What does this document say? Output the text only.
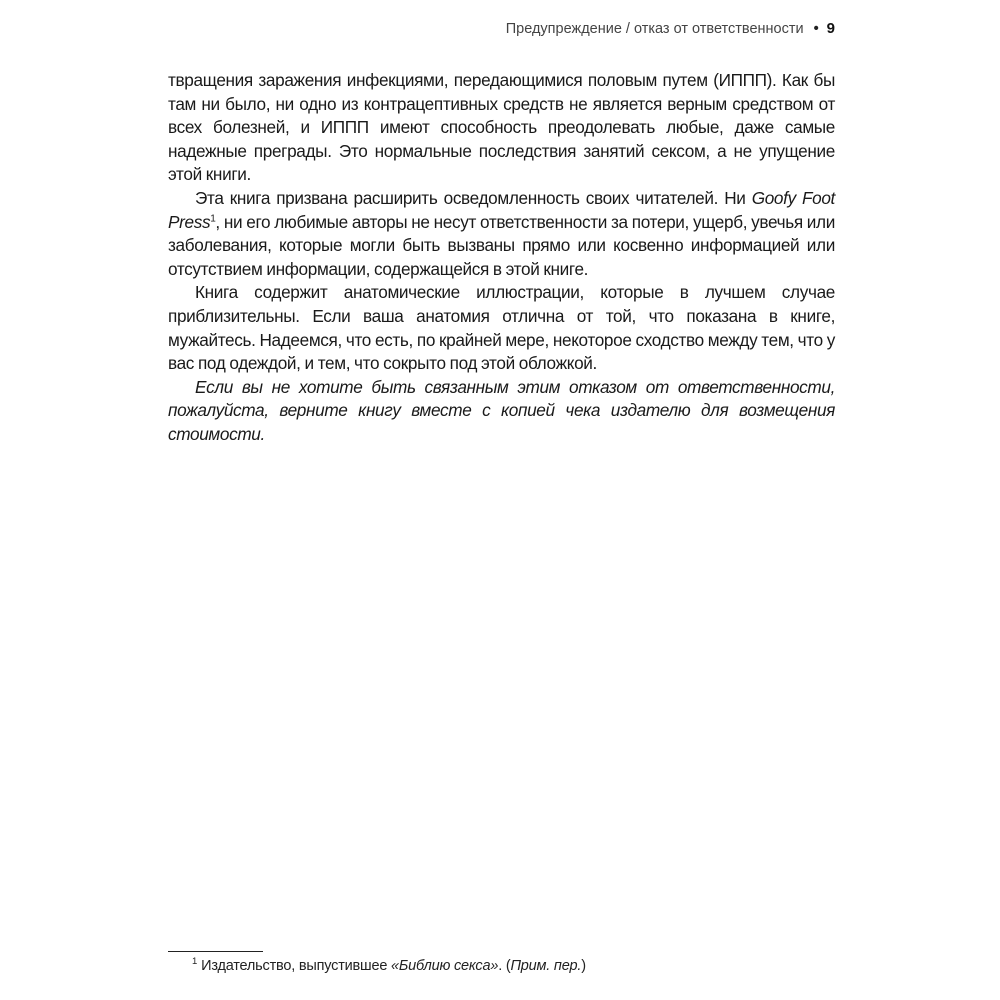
Предупреждение / отказ от ответственности • 9

твращения заражения инфекциями, передающимися половым путем (ИППП). Как бы там ни было, ни одно из контрацептивных средств не является верным средством от всех болезней, и ИППП имеют способность преодолевать любые, даже самые надежные преграды. Это нормальные последствия занятий сексом, а не упущение этой книги.

Эта книга призвана расширить осведомленность своих читателей. Ни Goofy Foot Press$^1$, ни его любимые авторы не несут ответственности за потери, ущерб, увечья или заболевания, которые могли быть вызваны прямо или косвенно информацией или отсутствием информации, содержащейся в этой книге.

Книга содержит анатомические иллюстрации, которые в лучшем случае приблизительны. Если ваша анатомия отлична от той, что показана в книге, мужайтесь. Надеемся, что есть, по крайней мере, некоторое сходство между тем, что у вас под одеждой, и тем, что сокрыто под этой обложкой.

Если вы не хотите быть связанным этим отказом от ответственности, пожалуйста, верните книгу вместе с копией чека издателю для возмещения стоимости.

$^1$ Издательство, выпустившее «Библию секса». (Прим. пер.)
